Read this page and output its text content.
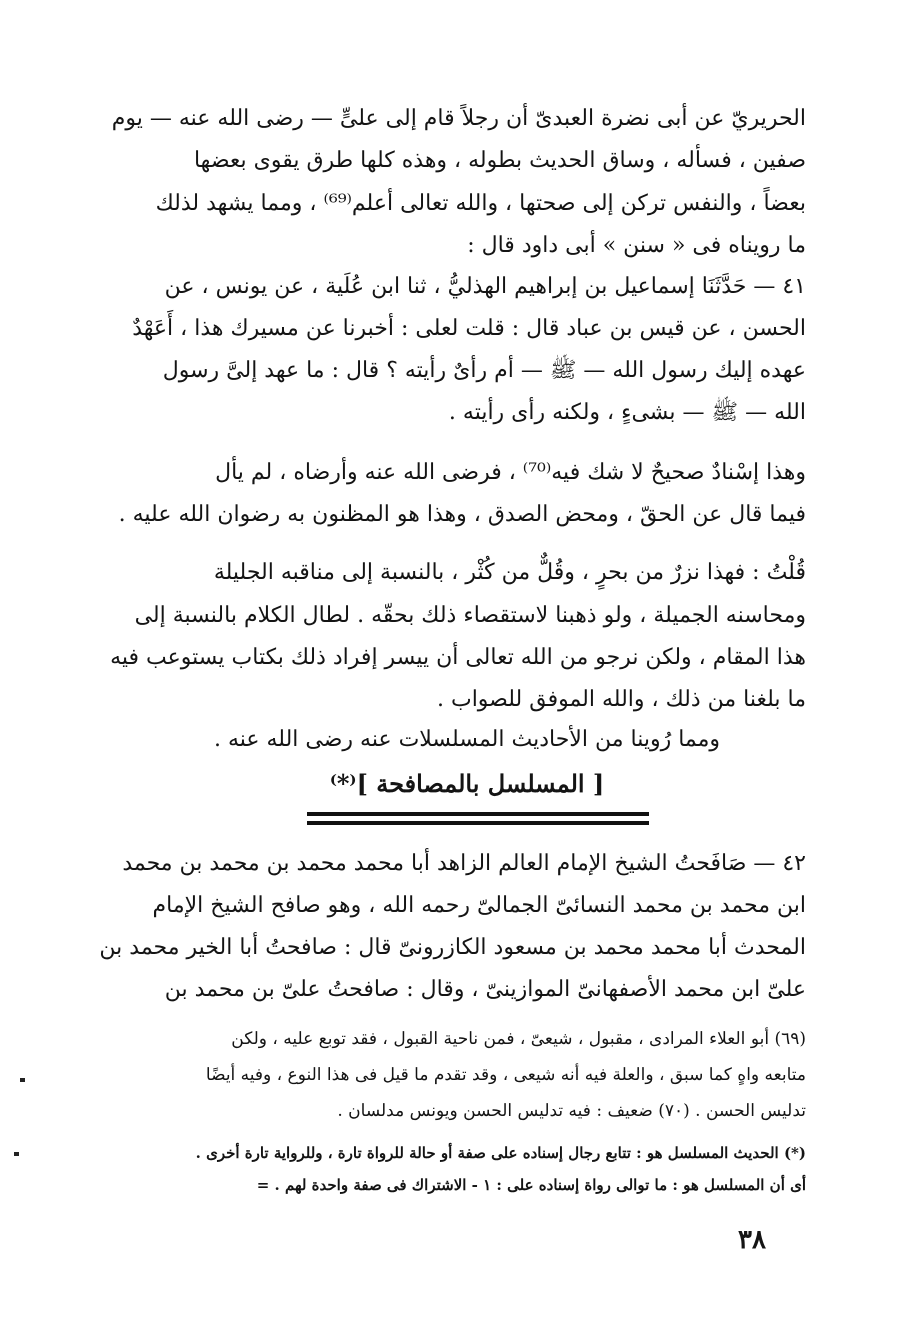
الحريريّ عن أبى نضرة العبدىّ أن رجلاً قام إلى علىٍّ — رضى الله عنه — يوم
صفين ، فسأله ، وساق الحديث بطوله ، وهذه كلها طرق يقوى بعضها
بعضاً ، والنفس تركن إلى صحتها ، والله تعالى أعلم⁽⁶⁹⁾ ، ومما يشهد لذلك
ما رويناه فى « سنن » أبى داود قال :
٤١ — حَدَّثَنَا إسماعيل بن إبراهيم الهذليُّ ، ثنا ابن عُلَية ، عن يونس ، عن
الحسن ، عن قيس بن عباد قال : قلت لعلى : أخبرنا عن مسيرك هذا ، أَعَهْدٌ
عهده إليك رسول الله — ﷺ — أم رأىٌ رأيته ؟ قال : ما عهد إلىَّ رسول
الله — ﷺ — بشىءٍ ، ولكنه رأى رأيته .
وهذا إسْنادٌ صحيحٌ لا شك فيه⁽⁷⁰⁾ ، فرضى الله عنه وأرضاه ، لم يأل
فيما قال عن الحقّ ، ومحض الصدق ، وهذا هو المظنون به رضوان الله عليه .
قُلْتُ : فهذا نزرٌ من بحرٍ ، وقُلٌّ من كُثْر ، بالنسبة إلى مناقبه الجليلة
ومحاسنه الجميلة ، ولو ذهبنا لاستقصاء ذلك بحقّه . لطال الكلام بالنسبة إلى
هذا المقام ، ولكن نرجو من الله تعالى أن ييسر إفراد ذلك بكتاب يستوعب فيه
ما بلغنا من ذلك ، والله الموفق للصواب .
ومما رُوينا من الأحاديث المسلسلات عنه رضى الله عنه .
[ المسلسل بالمصافحة ]⁽*⁾
٤٢ — صَافَحتُ الشيخ الإمام العالم الزاهد أبا محمد محمد بن محمد بن محمد
ابن محمد بن محمد النسائىّ الجمالىّ رحمه الله ، وهو صافح الشيخ الإمام
المحدث أبا محمد محمد بن مسعود الكازرونىّ قال : صافحتُ أبا الخير محمد بن
علىّ ابن محمد الأصفهانىّ الموازينىّ ، وقال : صافحتُ علىّ بن محمد بن
(٦٩) أبو العلاء المرادى ، مقبول ، شيعىّ ، فمن ناحية القبول ، فقد توبع عليه ، ولكن
متابعه واهٍ كما سبق ، والعلة فيه أنه شيعى ، وقد تقدم ما قيل فى هذا النوع ، وفيه أيضًا
تدليس الحسن . (٧٠) ضعيف : فيه تدليس الحسن ويونس مدلسان .
(*) الحديث المسلسل هو : تتابع رجال إسناده على صفة أو حالة للرواة تارة ، وللرواية تارة أخرى .
أى أن المسلسل هو : ما توالى رواة إسناده على : ١ - الاشتراك فى صفة واحدة لهم . =
٣٨
